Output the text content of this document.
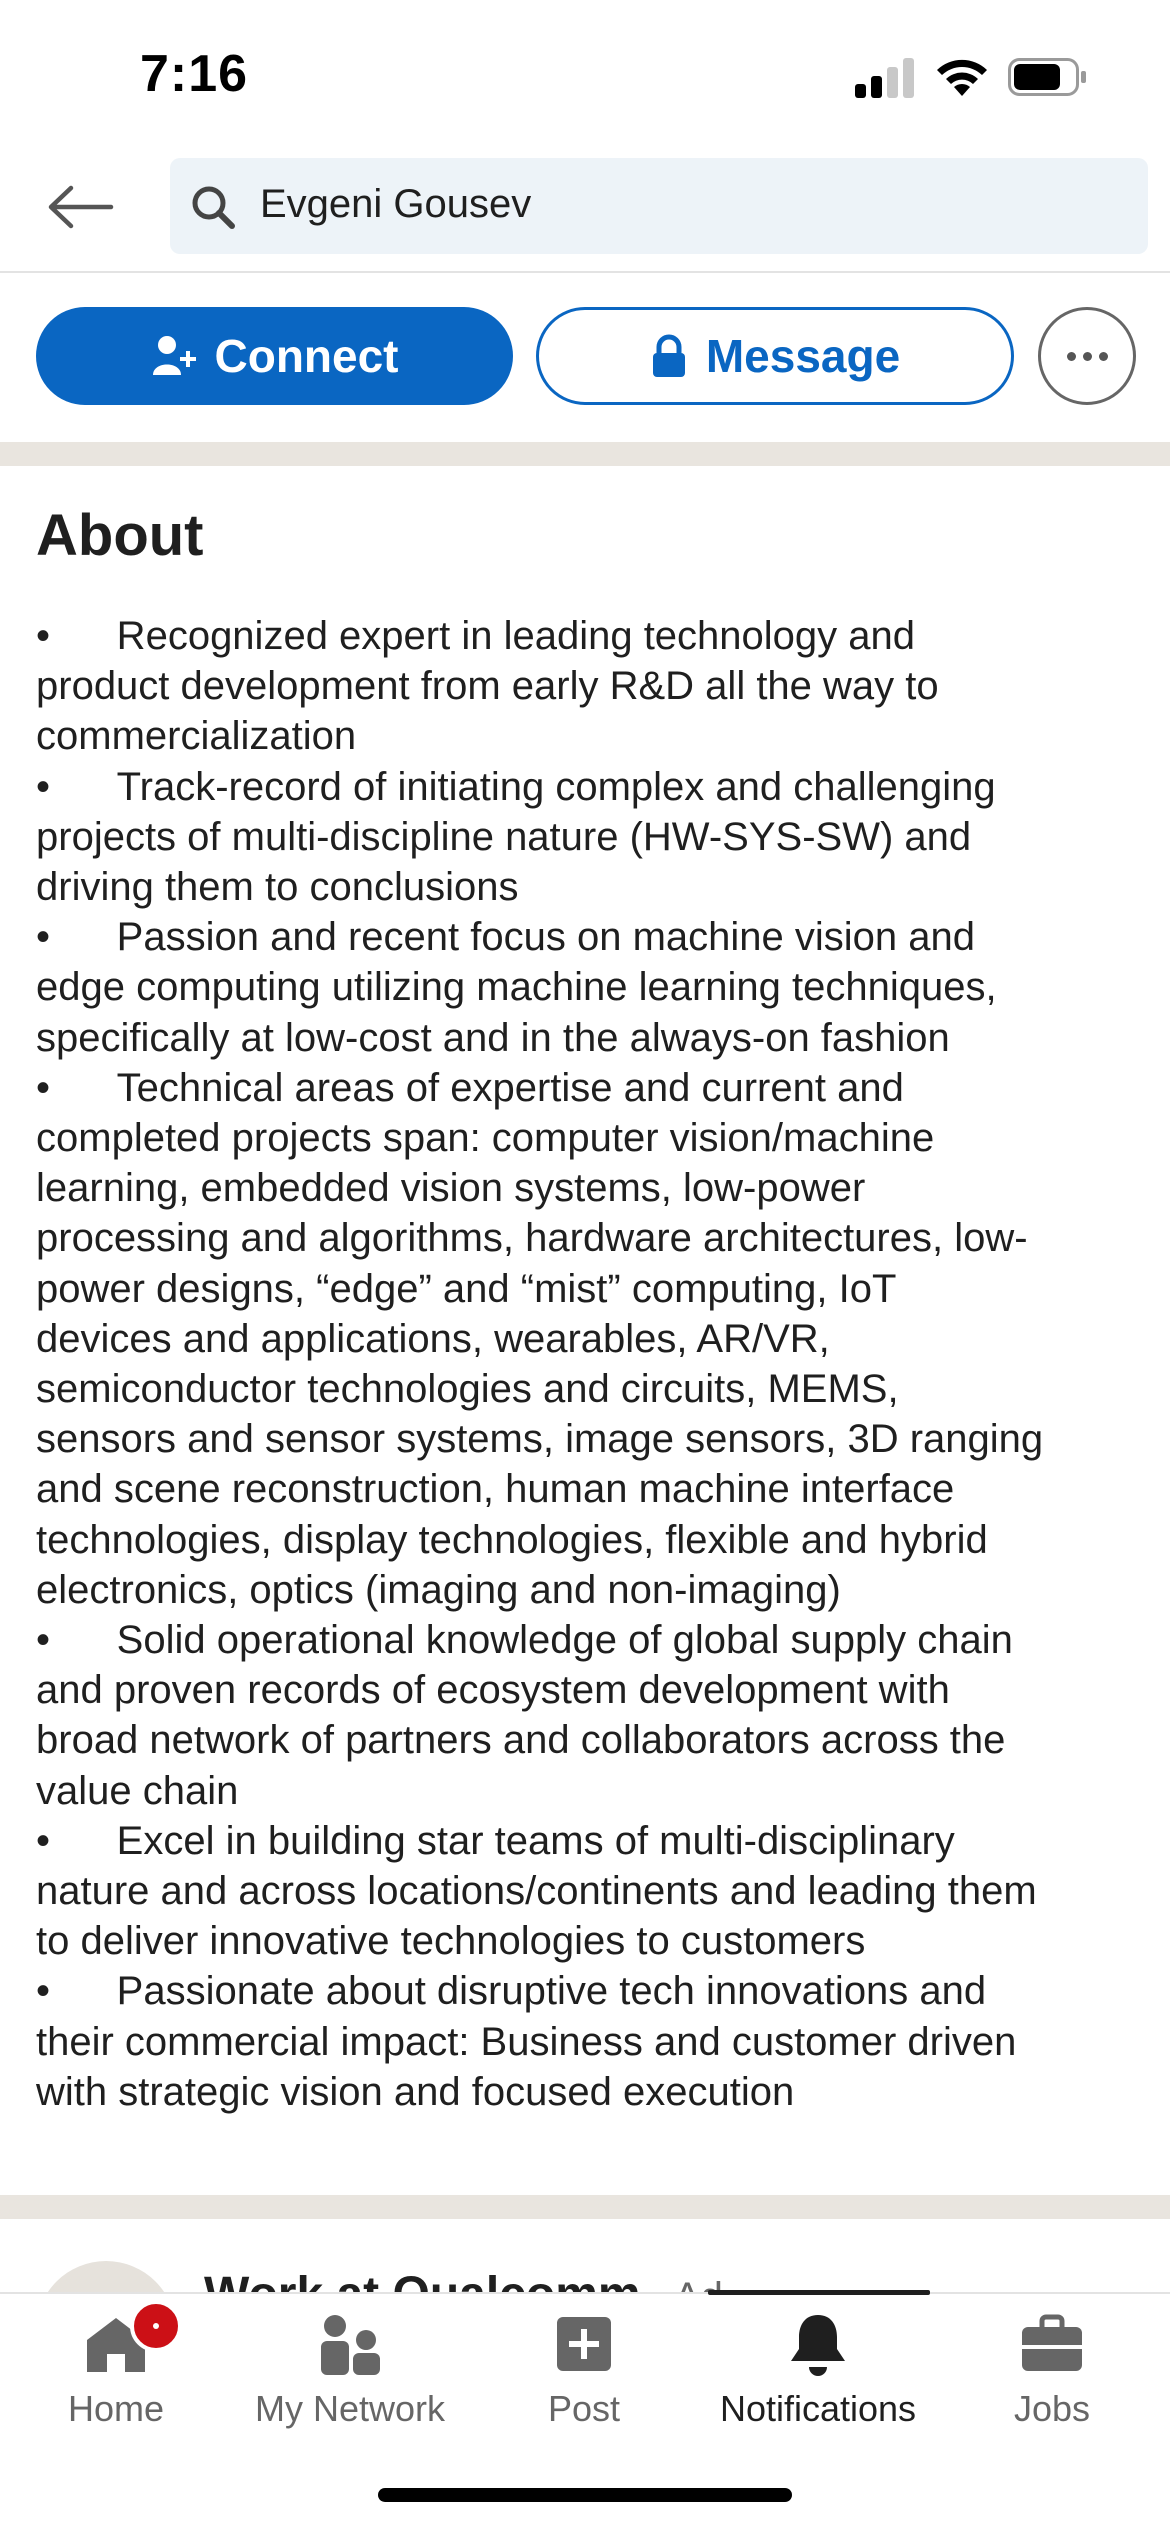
7:16
Evgeni Gousev
Connect	Message
About
•      Recognized expert in leading technology and
product development from early R&D all the way to
commercialization
•      Track-record of initiating complex and challenging
projects of multi-discipline nature (HW-SYS-SW) and
driving them to conclusions
•      Passion and recent focus on machine vision and
edge computing utilizing machine learning techniques,
specifically at low-cost and in the always-on fashion
•      Technical areas of expertise and current and
completed projects span: computer vision/machine
learning, embedded vision systems, low-power
processing and algorithms, hardware architectures, low-
power designs, “edge” and “mist” computing, IoT
devices and applications, wearables, AR/VR,
semiconductor technologies and circuits, MEMS,
sensors and sensor systems, image sensors, 3D ranging
and scene reconstruction, human machine interface
technologies, display technologies, flexible and hybrid
electronics, optics (imaging and non-imaging)
•      Solid operational knowledge of global supply chain
and proven records of ecosystem development with
broad network of partners and collaborators across the
value chain
•      Excel in building star teams of multi-disciplinary
nature and across locations/continents and leading them
to deliver innovative technologies to customers
•      Passionate about disruptive tech innovations and
their commercial impact: Business and customer driven
with strategic vision and focused execution
Home	My Network	Post	Notifications	Jobs
